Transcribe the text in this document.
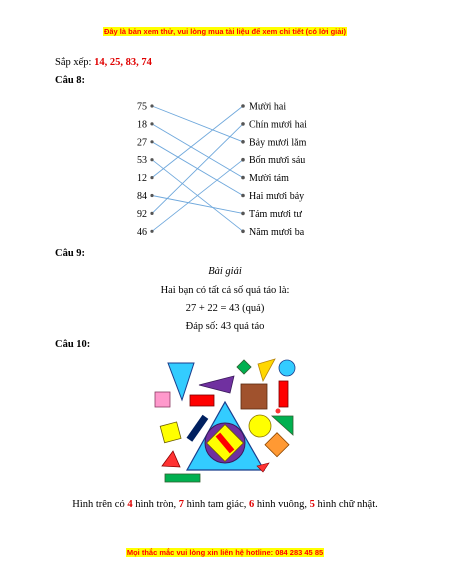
Đây là bản xem thử, vui lòng mua tài liệu để xem chi tiết (có lời giải)
Sắp xếp: 14, 25, 83, 74
Câu 8:
75
18
27
53
12
84
92
46
Mười hai
Chín mươi hai
Bảy mươi lăm
Bốn mươi sáu
Mười tám
Hai mươi bảy
Tám mươi tư
Năm mươi ba
Câu 9:
Bài giải
Hai bạn có tất cả số quả táo là:
27 + 22 = 43 (quả)
Đáp số: 43 quả táo
Câu 10:
Hình trên có 4 hình tròn, 7 hình tam giác, 6 hình vuông, 5 hình chữ nhật.
Mọi thắc mắc vui lòng xin liên hệ hotline: 084 283 45 85
